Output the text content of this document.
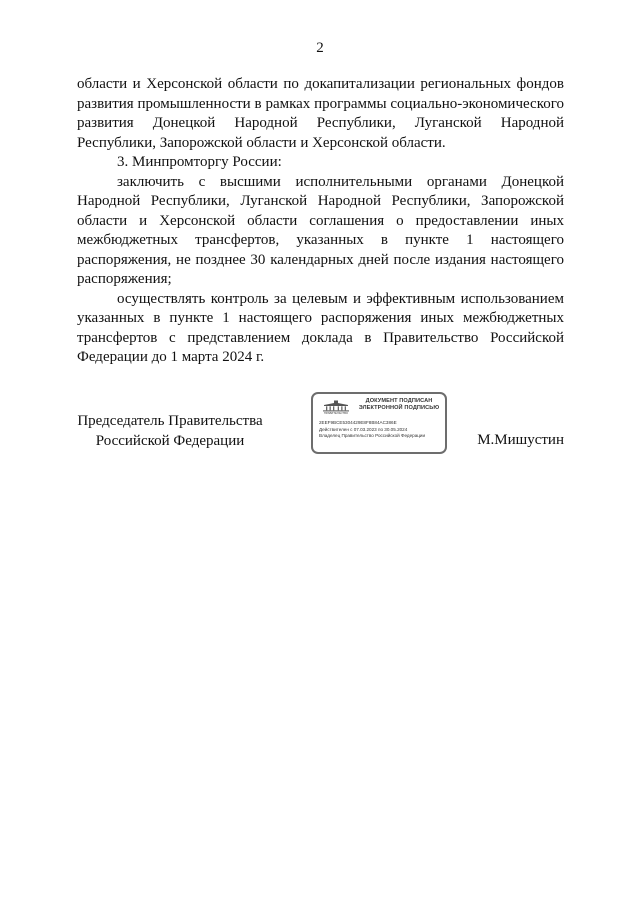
2

области и Херсонской области по докапитализации региональных фондов развития промышленности в рамках программы социально-экономического развития Донецкой Народной Республики, Луганской Народной Республики, Запорожской области и Херсонской области.

3. Минпромторгу России:

заключить с высшими исполнительными органами Донецкой Народной Республики, Луганской Народной Республики, Запорожской области и Херсонской области соглашения о предоставлении иных межбюджетных трансфертов, указанных в пункте 1 настоящего распоряжения, не позднее 30 календарных дней после издания настоящего распоряжения;

осуществлять контроль за целевым и эффективным использованием указанных в пункте 1 настоящего распоряжения иных межбюджетных трансфертов с представлением доклада в Правительство Российской Федерации до 1 марта 2024 г.

Председатель Правительства
Российской Федерации
ПРАВИТЕЛЬСТВО
ДОКУМЕНТ ПОДПИСАН
ЭЛЕКТРОННОЙ ПОДПИСЬЮ
2EEF9BCE5304429E8F8B84AC386E
Действителен с 07.03.2023 по 30.05.2024
Владелец Правительство Российской Федерации	М.Мишустин
